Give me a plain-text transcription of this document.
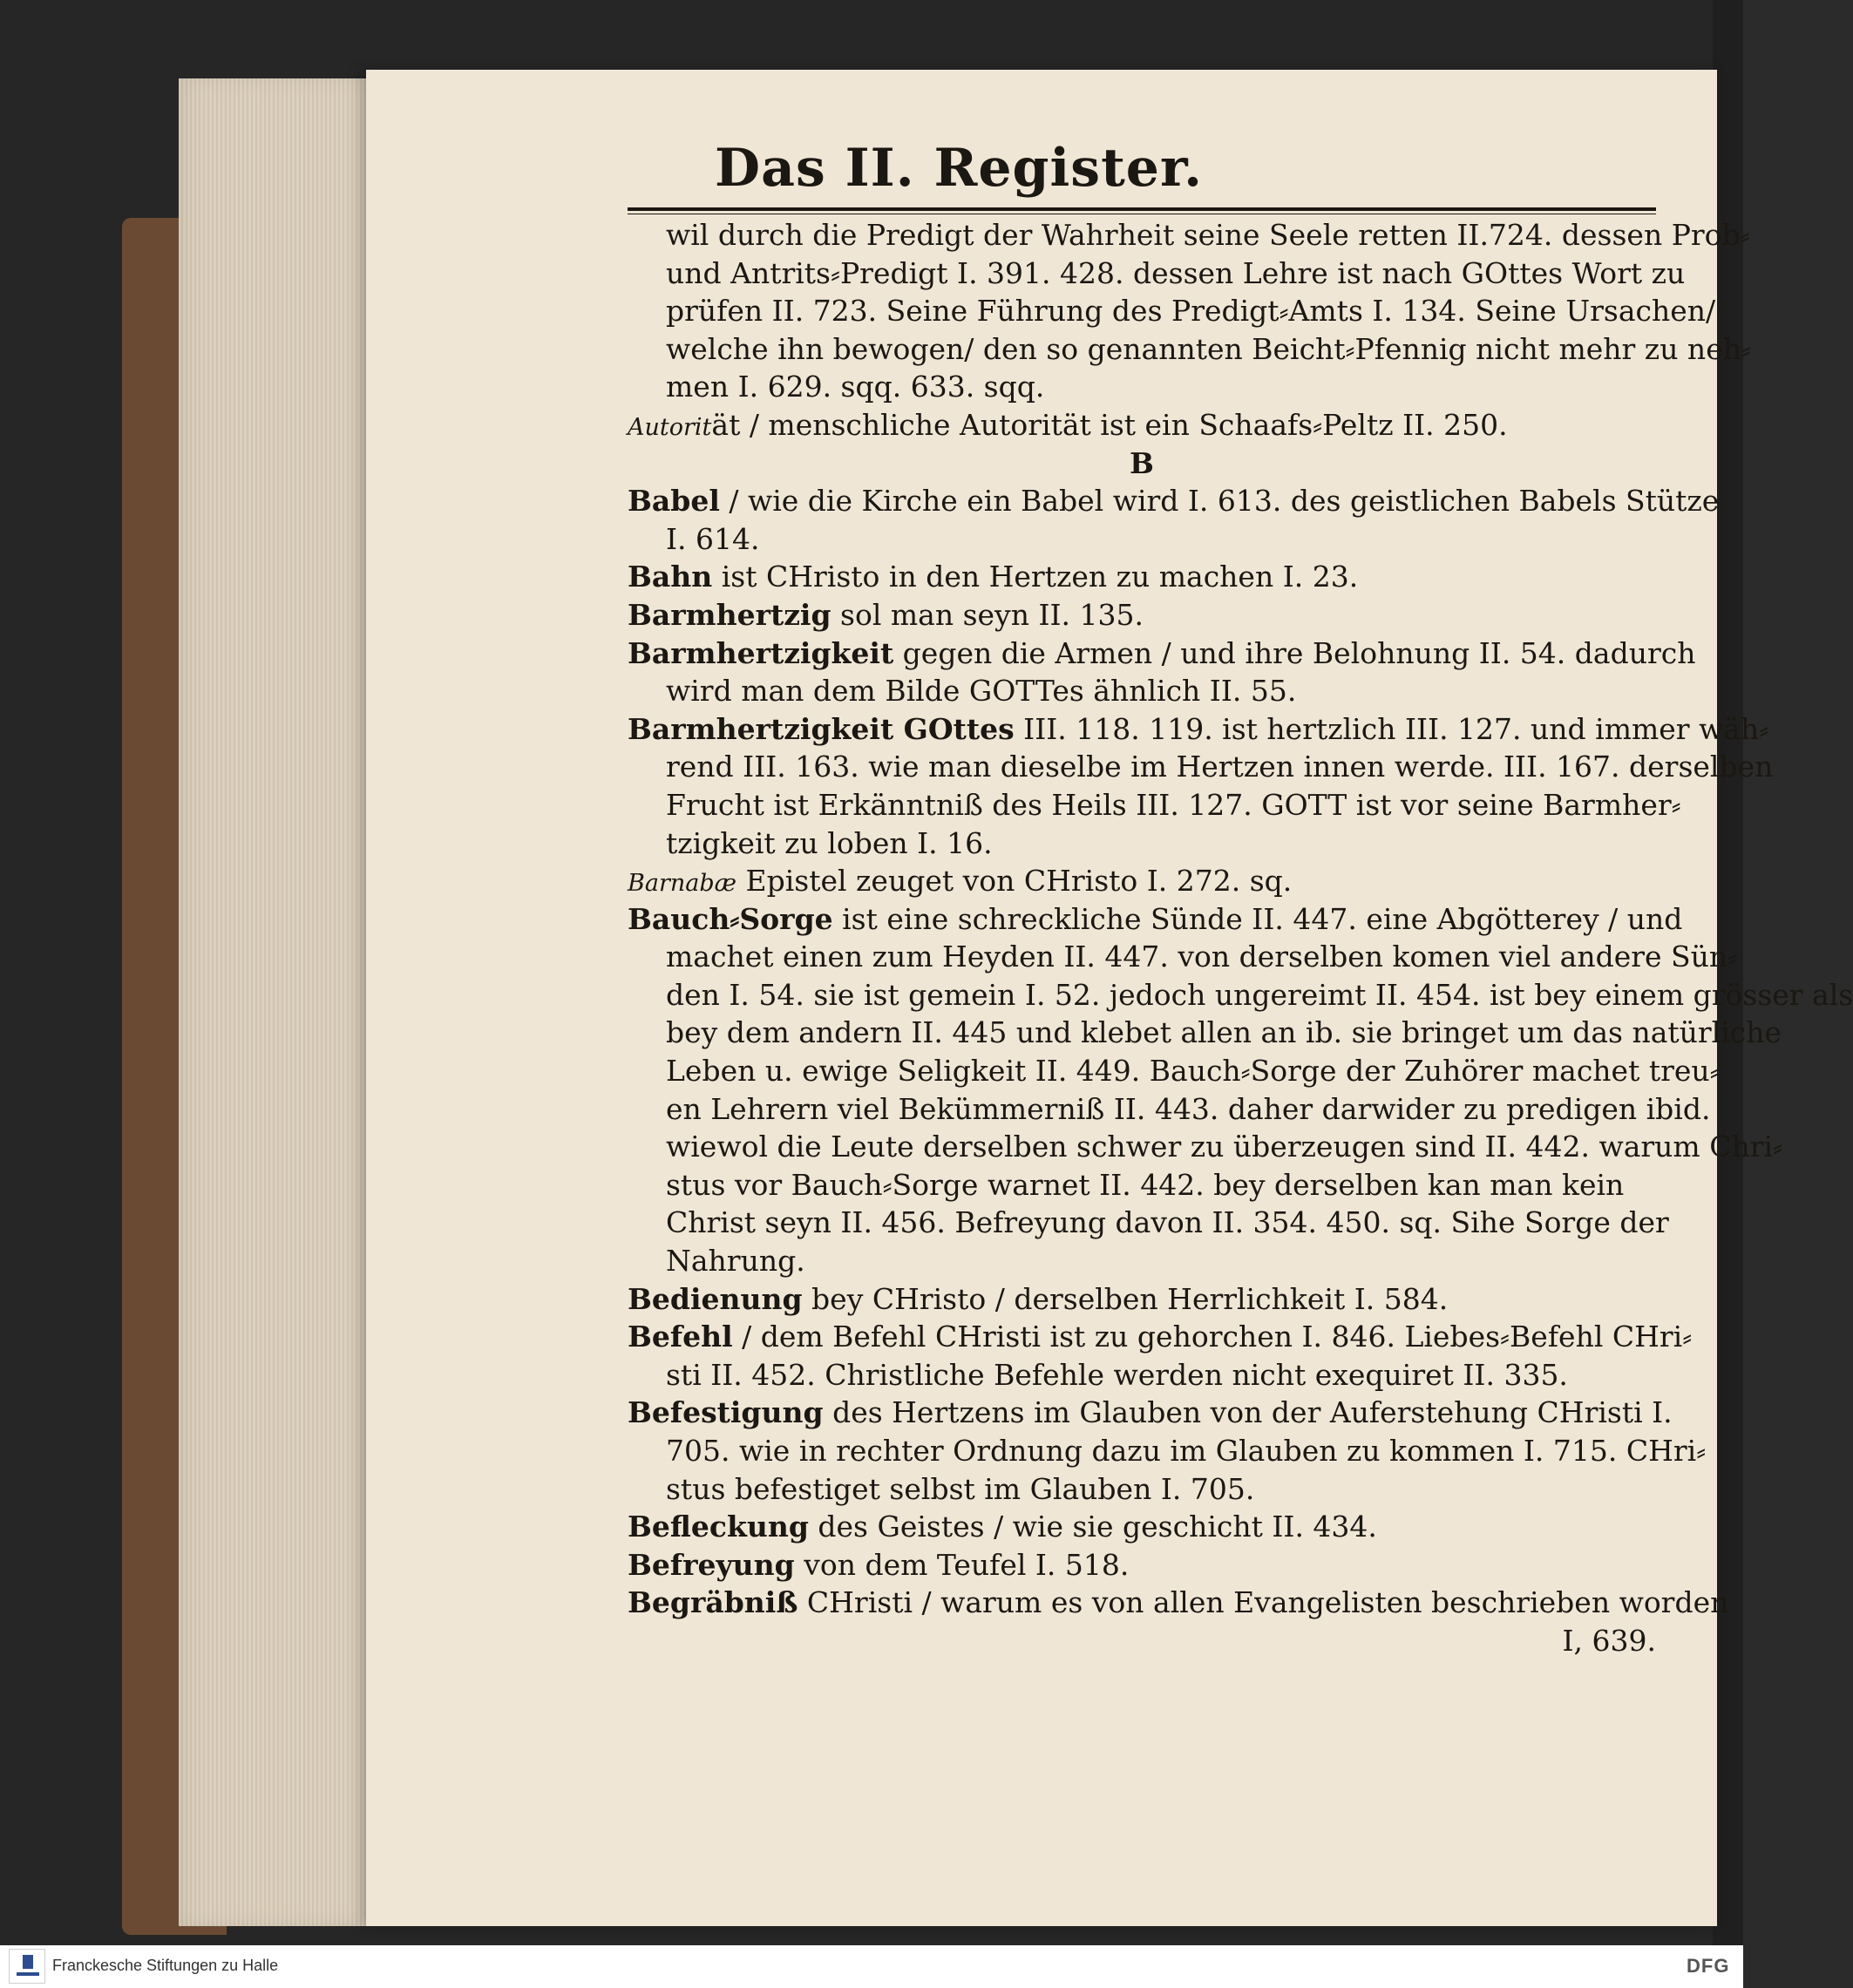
Das II. Register.
wil durch die Predigt der Wahrheit seine Seele retten II.724. dessen Prob⸗
und Antrits⸗Predigt I. 391. 428. dessen Lehre ist nach GOttes Wort zu
prüfen II. 723. Seine Führung des Predigt⸗Amts I. 134. Seine Ursachen/
welche ihn bewogen/ den so genannten Beicht⸗Pfennig nicht mehr zu neh⸗
men I. 629. sqq. 633. sqq.
Autorität / menschliche Autorität ist ein Schaafs⸗Peltz II. 250.
B
Babel / wie die Kirche ein Babel wird I. 613. des geistlichen Babels Stütze
I. 614.
Bahn ist CHristo in den Hertzen zu machen I. 23.
Barmhertzig sol man seyn II. 135.
Barmhertzigkeit gegen die Armen / und ihre Belohnung II. 54. dadurch
wird man dem Bilde GOTTes ähnlich II. 55.
Barmhertzigkeit GOttes III. 118. 119. ist hertzlich III. 127. und immer wäh⸗
rend III. 163. wie man dieselbe im Hertzen innen werde. III. 167. derselben
Frucht ist Erkänntniß des Heils III. 127. GOTT ist vor seine Barmher⸗
tzigkeit zu loben I. 16.
Barnabæ Epistel zeuget von CHristo I. 272. sq.
Bauch⸗Sorge ist eine schreckliche Sünde II. 447. eine Abgötterey / und
machet einen zum Heyden II. 447. von derselben komen viel andere Sün⸗
den I. 54. sie ist gemein I. 52. jedoch ungereimt II. 454. ist bey einem grösser als
bey dem andern II. 445 und klebet allen an ib. sie bringet um das natürliche
Leben u. ewige Seligkeit II. 449. Bauch⸗Sorge der Zuhörer machet treu⸗
en Lehrern viel Bekümmerniß II. 443. daher darwider zu predigen ibid.
wiewol die Leute derselben schwer zu überzeugen sind II. 442. warum Chri⸗
stus vor Bauch⸗Sorge warnet II. 442. bey derselben kan man kein
Christ seyn II. 456. Befreyung davon II. 354. 450. sq. Sihe Sorge der
Nahrung.
Bedienung bey CHristo / derselben Herrlichkeit I. 584.
Befehl / dem Befehl CHristi ist zu gehorchen I. 846. Liebes⸗Befehl CHri⸗
sti II. 452. Christliche Befehle werden nicht exequiret II. 335.
Befestigung des Hertzens im Glauben von der Auferstehung CHristi I.
705. wie in rechter Ordnung dazu im Glauben zu kommen I. 715. CHri⸗
stus befestiget selbst im Glauben I. 705.
Befleckung des Geistes / wie sie geschicht II. 434.
Befreyung von dem Teufel I. 518.
Begräbniß CHristi / warum es von allen Evangelisten beschrieben worden
I, 639.
Franckesche Stiftungen zu Halle	DFG
